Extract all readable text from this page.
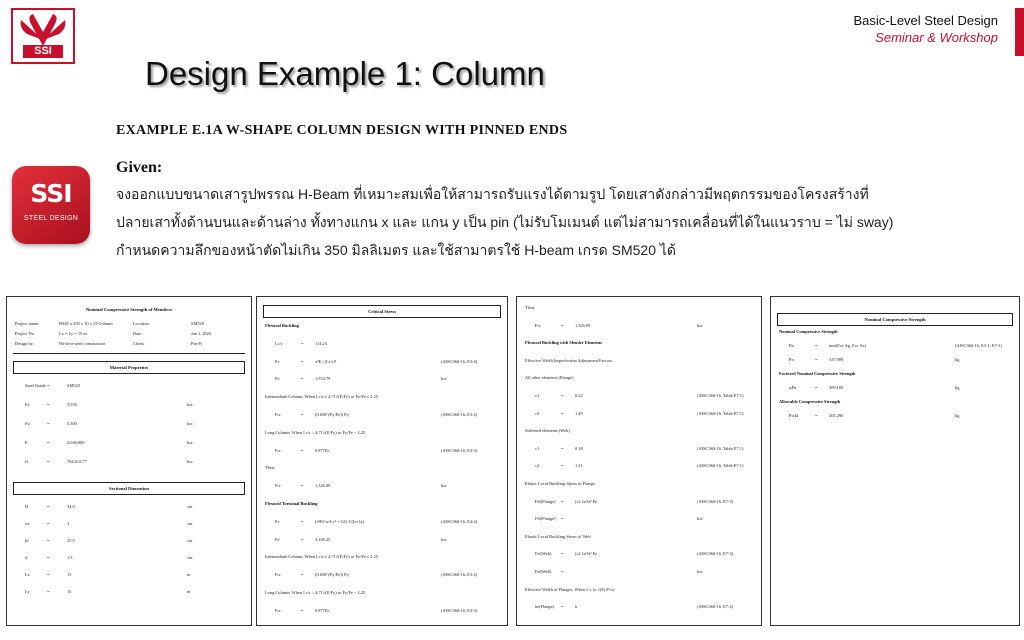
SSI
Basic-Level Steel Design
Seminar & Workshop
Design Example 1: Column
EXAMPLE E.1A W-SHAPE COLUMN DESIGN WITH PINNED ENDS
SSI
STEEL DESIGN
Given:
จงออกแบบขนาดเสารูปพรรณ H-Beam ที่เหมาะสมเพื่อให้สามารถรับแรงได้ตามรูป โดยเสาดังกล่าวมีพฤตกรรมของโครงสร้างที่
ปลายเสาทั้งด้านบนและด้านล่าง ทั้งทางแกน x และ แกน y เป็น pin (ไม่รับโมเมนต์ แต่ไม่สามารถเคลื่อนที่ได้ในแนวราบ = ไม่ sway)
กำหนดความลึกของหน้าตัดไม่เกิน 350 มิลลิเมตร และใช้สามาตรใช้ H-beam เกรด SM520 ได้
Nominal Compressive Strength of Members
Project name:	H340 x 250 x 10 x 15 Column	Location:	SM520
Project No.	Lx = Ly = 15 m	Date :	Jan 1, 2023
Design by:	We love steel construction	Client :	Pin-Pi
Material Properties
Steel Grade =	SM520
Fy	=	3,550	ksc
Fu	=	5,300	ksc
E	=	2,040,000	ksc
G	=	784,615.77	ksc
Sectional Dimension
D	=	34.0	cm
tw	=	1	cm
bf	=	25.0	cm
tf	=	1.5	cm
Lx	=	15	m
Ly	=	15	m
Critical Stress
Flexural Buckling
Lc/r	=	114.23
Fe	=	π²E / (Lc/r)²	(AISC360-16, E3-4)
Fe	=	1,553.79	ksc
Intermediate Column, When Lc/r ≤ 4.71√(E/Fy) or Fy/Fe ≤ 2.25
Fcr	=	(0.658^(Fy/Fe)) Fy	(AISC360-16, E3-2)
Long Column, When Lc/r > 4.71√(E/Fy) or Fy/Fe > 2.25
Fcr	=	0.877Fe	(AISC360-16, E3-3)
Then,
Fcr	=	1,326.09	ksc
Flexural Torsional Buckling
Fe	=	(π²ECw/Lc² + GJ) 1/(Ix+Iy)	(AISC360-16, E4-2)
Fe	=	3,169.25	ksc
Intermediate Column, When Lc/r ≤ 4.71√(E/Fy) or Fy/Fe ≤ 2.25
Fcr	=	(0.658^(Fy/Fe)) Fy	(AISC360-16, E3-2)
Long Column, When Lc/r > 4.71√(E/Fy) or Fy/Fe > 2.25
Fcr	=	0.877Fe	(AISC360-16, E3-3)
Then,
Fcr	=	1,326.09	ksc
Flexural Buckling with Slender Elements
Effective Width Imperfection Adjustment Factors
All other elements (Flange)
c1	=	0.22	(AISC360-16, Table E7.1)
c2	=	1.49	(AISC360-16, Table E7.1)
Stiffened elements (Web)
c1	=	0.18	(AISC360-16, Table E7.1)
c2	=	1.31	(AISC360-16, Table E7.1)
Elastic Local Buckling Stress of Flange
Fel(Flange) =	(c2 λr/λ)² Fy	(AISC360-16, E7-5)
Fel(Flange) =	ksc
Elastic Local Buckling Stress of Web
Fel(Web) =	(c2 λr/λ)² Fy	(AISC360-16, E7-5)
Fel(Web) =	ksc
Effective Width of Flanges, When λ ≤ λr √(Fy/Fcr)
be(Flange) =	b	(AISC360-16, E7-2)
Nominal Compressive Strength
Nominal Compressive Strength
Pn	=	min(Fcr·Ag, Fcr·Ae)	(AISC360-16, E3-1, E7-1)
Pn	=	337,909	kg
Factored Nominal Compressive Strength
φPn	=	309,169	kg
Allowable Compressive Strength
Pn/Ω	=	201,296	kg
